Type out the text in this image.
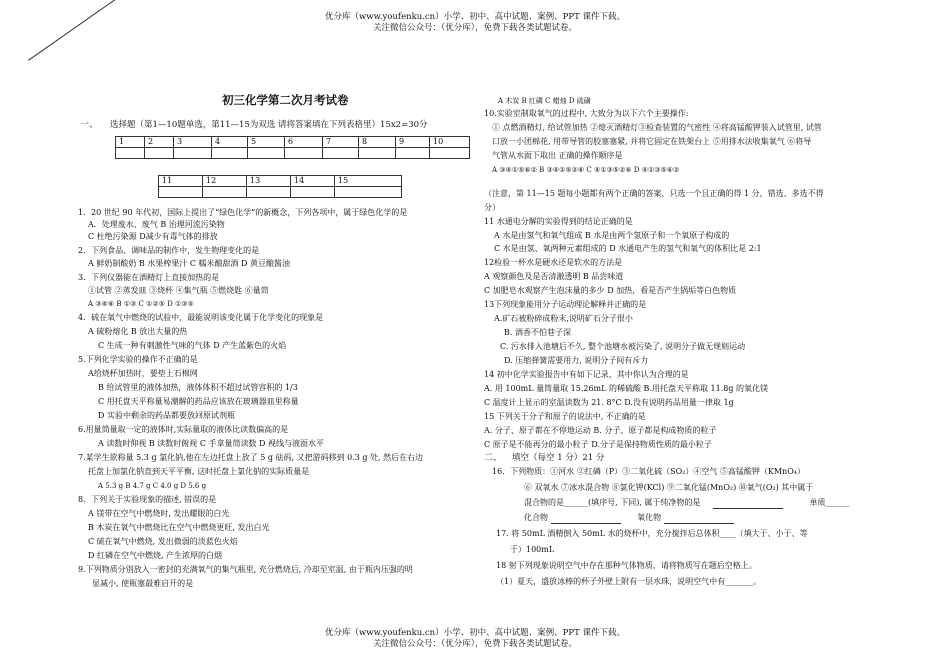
优分库（www.youfenku.cn）小学、初中、高中试题、案例、PPT 课件下载。
关注微信公众号：（优分库），免费下载各类试题试卷。
初三化学第二次月考试卷
一、 选择题（第1—10题单选，第11—15为双选 请将答案填在下列表格里）15x2=30分
1	2	3	4	5	6	7	8	9	10

11	12	13	14	15

1．20 世纪 90 年代初，国际上提出了“绿色化学”的新概念，下列各项中，属于绿色化学的是
A．处理废水、废气 B 治理河流污染物
C 杜绝污染源 D减少有毒气体的排放
2．下列食品、调味品的制作中，发生物理变化的是
A 鲜奶制酸奶 B 水果榨果汁 C 糯米酿甜酒 D 黄豆酿酱油
3．下列仪器能在酒精灯上直接加热的是
①试管 ②蒸发皿 ③烧杯 ④集气瓶 ⑤燃烧匙 ⑥量筒
A ③④⑥ B ①③ C ①②⑤ D ①③⑤
4．硫在氧气中燃烧的试验中，最能说明该变化属于化学变化的现象是
A 硫粉熔化 B 放出大量的热
C 生成一种有刺激性气味的气体 D 产生蓝紫色的火焰
5.下列化学实验的操作不正确的是
A给烧杯加热时，要垫上石棉网
B 给试管里的液体加热，液体体积不超过试管容积的 1/3
C 用托盘天平称量易潮解的药品应该放在玻璃器皿里称量
D 实验中剩余的药品都要放回原试剂瓶
6.用量筒量取一定的液体时,实际量取的液体比读数偏高的是
A 读数时仰视 B 读数时俯视 C 手拿量筒读数 D 视线与液面水平
7.某学生欲称量 5.3 g 氯化钠,他在左边托盘上放了 5 g 砝码, 又把游码移到 0.3 g 处, 然后在右边
托盘上加氯化钠直到天平平衡, 这时托盘上氯化钠的实际质量是
A 5.3 g B 4.7 g C 4.0 g D 5.6 g
8．下列关于实验现象的描述, 错误的是
A 镁带在空气中燃烧时, 发出耀眼的白光
B 木炭在氧气中燃烧比在空气中燃烧更旺, 发出白光
C 硫在氧气中燃烧, 发出微弱的淡蓝色火焰
D 红磷在空气中燃烧, 产生浓厚的白烟
9.下列物质分别放入一密封的充满氧气的集气瓶里, 充分燃烧后, 冷却至室温, 由于瓶内压强的明
显减小, 使瓶塞最难启开的是
A 木炭 B 红磷 C 蜡烛 D 硫磺
10.实验室制取氧气的过程中, 大致分为以下六个主要操作:
① 点燃酒精灯, 给试管加热 ②熄灭酒精灯③检查装置的气密性 ④将高锰酸钾装入试管里, 试管
口放一小团棉花, 用带导管的胶塞塞紧, 并将它固定在铁架台上 ⑤用排水法收集氧气 ⑥将导
气管从水面下取出 正确的操作顺序是
A ③④①⑤⑥② B ③④①⑤②⑥ C ④①③⑤②⑥ D ④①③⑤⑥②
（注意，第 11—15 题每小题都有两个正确的答案，只选一个且正确的得 1 分，错选、多选不得
分）
11 水通电分解的实验得到的结论正确的是
A 水是由氢气和氧气组成 B 水是由两个氢原子和一个氧原子构成的
C 水是由氢、氧两种元素组成的 D 水通电产生的氢气和氧气的体积比是 2:1
12检验一杯水是硬水还是软水的方法是
A 观察颜色及是否清澈透明 B 品尝味道
C 加肥皂水观察产生泡沫量的多少 D 加热，看是否产生锅垢等白色物质
13下列现象能用分子运动理论解释并正确的是
A.矿石被粉碎成粉末,说明矿石分子很小
B. 酒香不怕巷子深
C. 污水排入池塘后不久, 整个池塘水被污染了, 说明分子做无规则运动
D. 压缩弹簧需要用力, 说明分子间有斥力
14 初中化学实验报告中有如下记录，其中你认为合理的是
A. 用 100mL 量筒量取 15.26mL 的稀硫酸 B.用托盘天平称取 11.8g 的氧化镁
C 温度计上显示的室温读数为 21. 8°C D.没有说明药品用量一律取 1g
15 下列关于分子和原子的说法中, 不正确的是
A. 分子、原子都在不停地运动 B. 分子、原子都是构成物质的粒子
C 原子是不能再分的最小粒子 D.分子是保持物质性质的最小粒子
二、 填空（每空 1 分）21 分
16．下列物质：①河水 ②红磷（P）③二氧化硫（SO₂）④空气 ⑤高锰酸钾（KMnO₄）
⑥ 双氧水 ⑦冰水混合物 ⑧氯化钾(KCl) ⑨二氧化锰(MnO₂) ⑩氧气(O₂) 其中属于
混合物的是______(填序号, 下同), 属于纯净物的是	单质______
化合物	氧化物
17. 将 50mL 酒精倒入 50mL 水的烧杯中，充分搅拌后总体积____（填大于、小于、等
于）100mL
18 射下列现象说明空气中存在那种气体物质，请将物质写在题后空格上。
（1）夏天，盛放冰棒的杯子外壁上附有一层水珠，说明空气中有_______。
优分库（www.youfenku.cn）小学、初中、高中试题、案例、PPT 课件下载。
关注微信公众号：（优分库），免费下载各类试题试卷。
